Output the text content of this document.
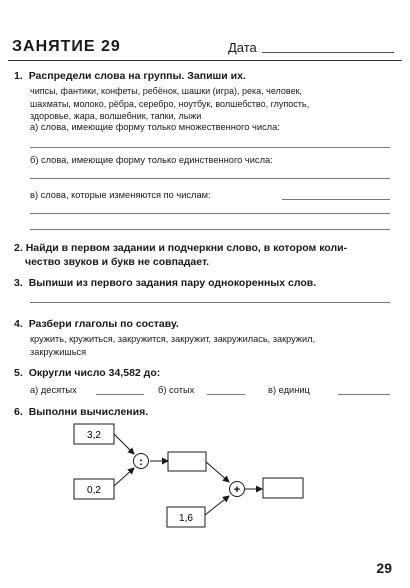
ЗАНЯТИЕ 29	Дата
1. Распредели слова на группы. Запиши их.
чипсы, фантики, конфеты, ребёнок, шашки (игра), река, человек,
шахматы, молоко, рёбра, серебро, ноутбук, волшебство, глупость,
здоровье, жара, волшебник, тапки, лыжи
а) слова, имеющие форму только множественного числа:
б) слова, имеющие форму только единственного числа:
в) слова, которые изменяются по числам:
2. Найди в первом задании и подчеркни слово, в котором коли-
чество звуков и букв не совпадает.
3. Выпиши из первого задания пару однокоренных слов.
4. Разбери глаголы по составу.
кружить, кружиться, закружится, закружит, закружилась, закружил,
закружишься
5. Округли число 34,582 до:
а) десятых	б) сотых	в) единиц
6. Выполни вычисления.
3,2
0,2
1,6
:
+
29
